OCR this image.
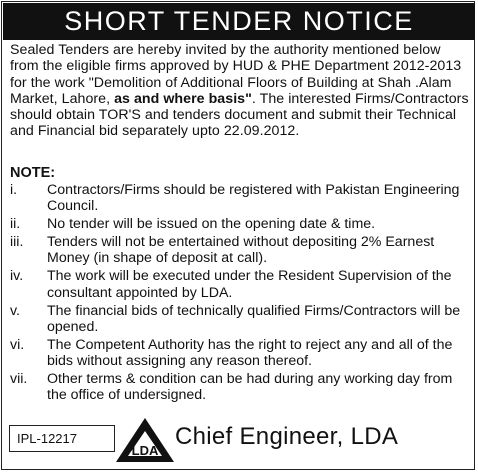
SHORT TENDER NOTICE
Sealed Tenders are hereby invited by the authority mentioned below from the eligible firms approved by HUD & PHE Department 2012-2013 for the work "Demolition of Additional Floors of Building at Shah .Alam Market, Lahore, as and where basis". The interested Firms/Contractors should obtain TOR'S and tenders document and submit their Technical and Financial bid separately upto 22.09.2012.
NOTE:
i.	Contractors/Firms should be registered with Pakistan Engineering Council.
ii.	No tender will be issued on the opening date & time.
iii.	Tenders will not be entertained without depositing 2% Earnest Money (in shape of deposit at call).
iv.	The work will be executed under the Resident Supervision of the consultant appointed by LDA.
v.	The financial bids of technically qualified Firms/Contractors will be opened.
vi.	The Competent Authority has the right to reject any and all of the bids without assigning any reason thereof.
vii.	Other terms & condition can be had during any working day from the office of undersigned.
IPL-12217
LDA
Chief Engineer, LDA
